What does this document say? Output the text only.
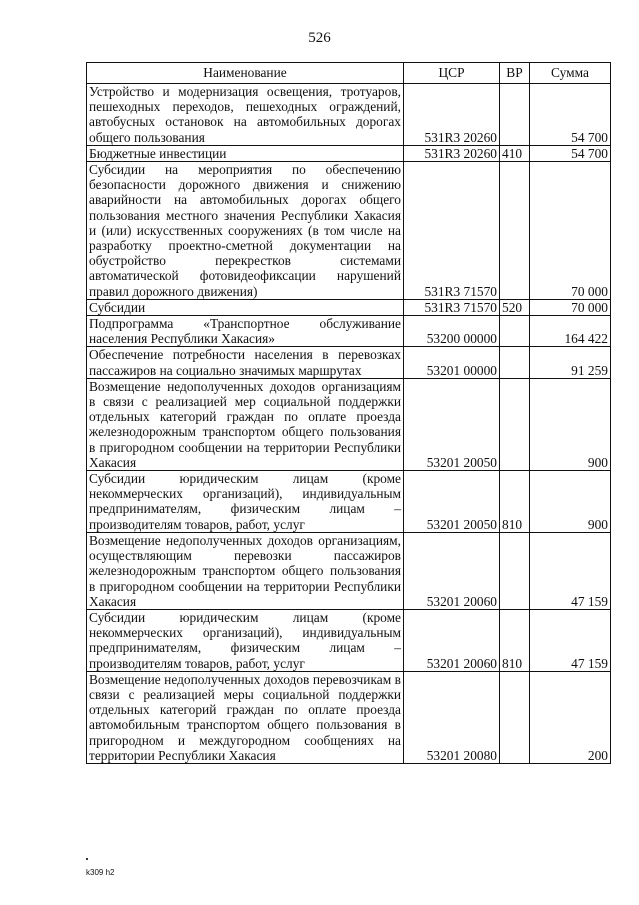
526
Наименование	ЦСР	ВР	Сумма
Устройство и модернизация освещения, тротуаров, пешеходных переходов, пешеходных ограждений, автобусных остановок на автомобильных дорогах общего пользования	531R3 20260		54 700
Бюджетные инвестиции	531R3 20260	410	54 700
Субсидии на мероприятия по обеспечению безопасности дорожного движения и снижению аварийности на автомобильных дорогах общего пользования местного значения Республики Хакасия и (или) искусственных сооружениях (в том числе на разработку проектно-сметной документации на обустройство перекрестков системами автоматической фотовидеофиксации нарушений правил дорожного движения)	531R3 71570		70 000
Субсидии	531R3 71570	520	70 000
Подпрограмма «Транспортное обслуживание населения Республики Хакасия»	53200 00000		164 422
Обеспечение потребности населения в перевозках пассажиров на социально значимых маршрутах	53201 00000		91 259
Возмещение недополученных доходов организациям в связи с реализацией мер социальной поддержки отдельных категорий граждан по оплате проезда железнодорожным транспортом общего пользования в пригородном сообщении на территории Республики Хакасия	53201 20050		900
Субсидии юридическим лицам (кроме некоммерческих организаций), индивидуальным предпринимателям, физическим лицам – производителям товаров, работ, услуг	53201 20050	810	900
Возмещение недополученных доходов организациям, осуществляющим перевозки пассажиров железнодорожным транспортом общего пользования в пригородном сообщении на территории Республики Хакасия	53201 20060		47 159
Субсидии юридическим лицам (кроме некоммерческих организаций), индивидуальным предпринимателям, физическим лицам – производителям товаров, работ, услуг	53201 20060	810	47 159
Возмещение недополученных доходов перевозчикам в связи с реализацией меры социальной поддержки отдельных категорий граждан по оплате проезда автомобильным транспортом общего пользования в пригородном и междугородном сообщениях на территории Республики Хакасия	53201 20080		200
k309 h2
